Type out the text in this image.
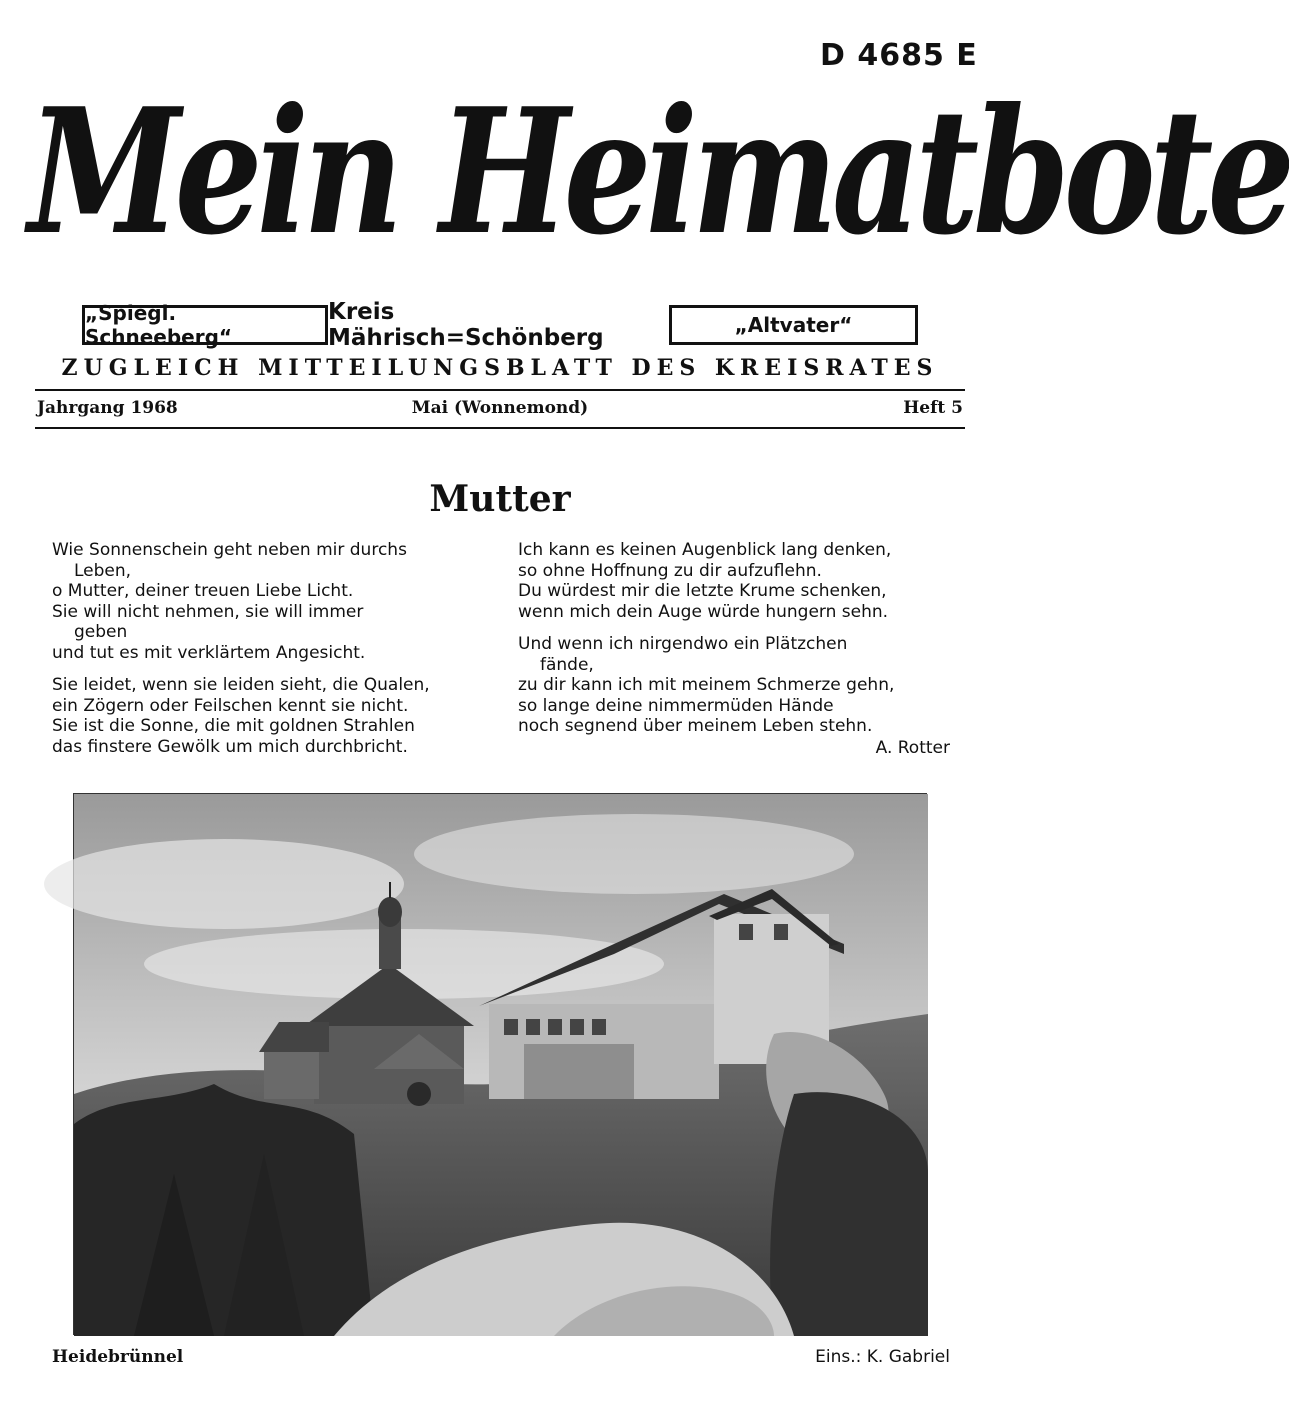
D 4685 E
Mein Heimatbote
„Spiegl. Schneeberg“
Kreis Mährisch=Schönberg	„Altvater“
ZUGLEICH MITTEILUNGSBLATT DES KREISRATES
Jahrgang 1968	Mai (Wonnemond)	Heft 5
Mutter
Wie Sonnenschein geht neben mir durchs
Leben,
o Mutter, deiner treuen Liebe Licht.
Sie will nicht nehmen, sie will immer
geben
und tut es mit verklärtem Angesicht.
Sie leidet, wenn sie leiden sieht, die Qualen,
ein Zögern oder Feilschen kennt sie nicht.
Sie ist die Sonne, die mit goldnen Strahlen
das finstere Gewölk um mich durchbricht.
Ich kann es keinen Augenblick lang denken,
so ohne Hoffnung zu dir aufzuflehn.
Du würdest mir die letzte Krume schenken,
wenn mich dein Auge würde hungern sehn.
Und wenn ich nirgendwo ein Plätzchen
fände,
zu dir kann ich mit meinem Schmerze gehn,
so lange deine nimmermüden Hände
noch segnend über meinem Leben stehn.
A. Rotter
Heidebrünnel	Eins.: K. Gabriel
